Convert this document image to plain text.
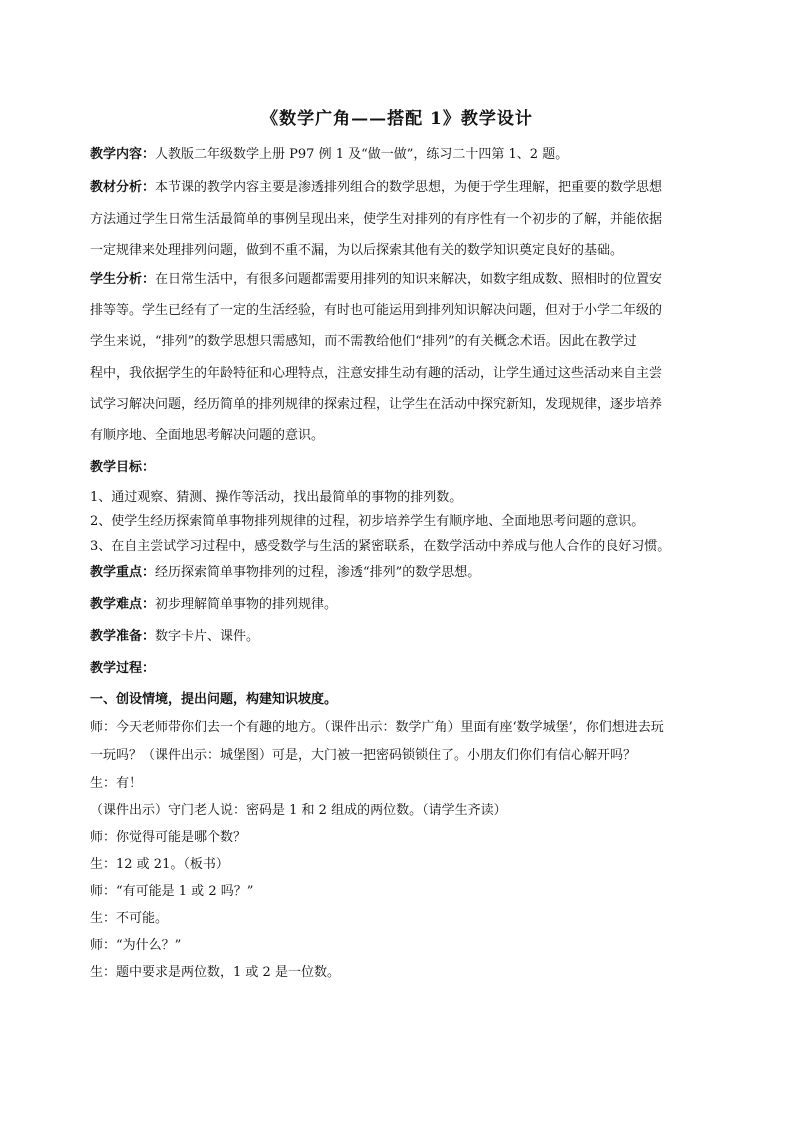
《数学广角——搭配 1》教学设计
教学内容：人教版二年级数学上册 P97 例 1 及“做一做”，练习二十四第 1、2 题。
教材分析：本节课的教学内容主要是渗透排列组合的数学思想，为便于学生理解，把重要的数学思想
方法通过学生日常生活最简单的事例呈现出来，使学生对排列的有序性有一个初步的了解，并能依据
一定规律来处理排列问题，做到不重不漏，为以后探索其他有关的数学知识奠定良好的基础。
学生分析：在日常生活中，有很多问题都需要用排列的知识来解决，如数字组成数、照相时的位置安
排等等。学生已经有了一定的生活经验，有时也可能运用到排列知识解决问题，但对于小学二年级的
学生来说，“排列”的数学思想只需感知，而不需教给他们“排列”的有关概念术语。因此在教学过
程中，我依据学生的年龄特征和心理特点，注意安排生动有趣的活动，让学生通过这些活动来自主尝
试学习解决问题，经历简单的排列规律的探索过程，让学生在活动中探究新知，发现规律，逐步培养
有顺序地、全面地思考解决问题的意识。
教学目标：
1、通过观察、猜测、操作等活动，找出最简单的事物的排列数。
2、使学生经历探索简单事物排列规律的过程，初步培养学生有顺序地、全面地思考问题的意识。
3、在自主尝试学习过程中，感受数学与生活的紧密联系，在数学活动中养成与他人合作的良好习惯。
教学重点：经历探索简单事物排列的过程，渗透“排列”的数学思想。
教学难点：初步理解简单事物的排列规律。
教学准备：数字卡片、课件。
教学过程：
一、创设情境，提出问题，构建知识坡度。
师：今天老师带你们去一个有趣的地方。（课件出示：数学广角）里面有座‘数学城堡’，你们想进去玩
一玩吗？（课件出示：城堡图）可是，大门被一把密码锁锁住了。小朋友们你们有信心解开吗？
生：有！
（课件出示）守门老人说：密码是 1 和 2 组成的两位数。（请学生齐读）
师：你觉得可能是哪个数？
生：12 或 21。（板书）
师：“有可能是 1 或 2 吗？”
生：不可能。
师：“为什么？”
生：题中要求是两位数，1 或 2 是一位数。
